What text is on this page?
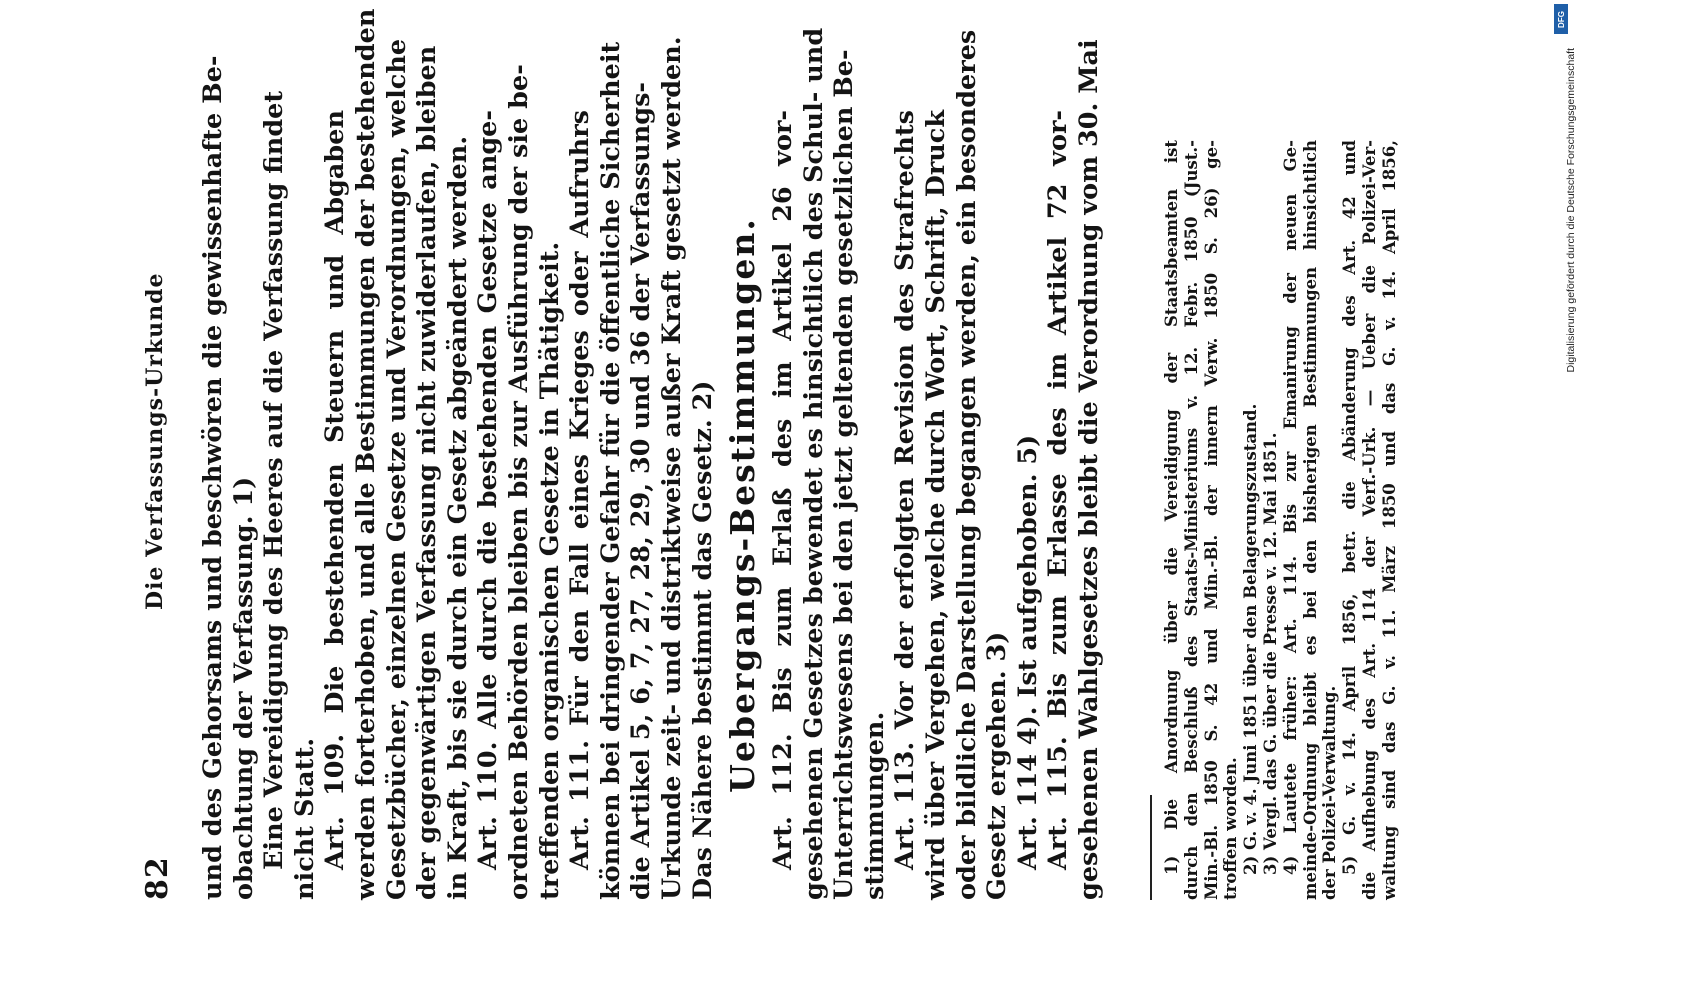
82
Die Verfassungs-Urkunde und des Gehorsams und beschwören die gewissenhafte Be- obachtung der Verfassung. 1) Eine Vereidigung des Heeres auf die Verfassung findet nicht Statt. Art. 109. Die bestehenden Steuern und Abgaben werden forterhoben, und alle Bestimmungen der bestehenden Gesetzbücher, einzelnen Gesetze und Verordnungen, welche der gegenwärtigen Verfassung nicht zuwiderlaufen, bleiben in Kraft, bis sie durch ein Gesetz abgeändert werden. Art. 110. Alle durch die bestehenden Gesetze ange- ordneten Behörden bleiben bis zur Ausführung der sie be- treffenden organischen Gesetze in Thätigkeit. Art. 111. Für den Fall eines Krieges oder Aufruhrs können bei dringender Gefahr für die öffentliche Sicherheit die Artikel 5, 6, 7, 27, 28, 29, 30 und 36 der Verfassungs- Urkunde zeit- und distriktweise außer Kraft gesetzt werden. Das Nähere bestimmt das Gesetz. 2) Uebergangs-Bestimmungen. Art. 112. Bis zum Erlaß des im Artikel 26 vor- gesehenen Gesetzes bewendet es hinsichtlich des Schul- und Unterrichtswesens bei den jetzt geltenden gesetzlichen Be- stimmungen. Art. 113. Vor der erfolgten Revision des Strafrechts wird über Vergehen, welche durch Wort, Schrift, Druck oder bildliche Darstellung begangen werden, ein besonderes Gesetz ergehen. 3) Art. 114 4). Ist aufgehoben. 5) Art. 115. Bis zum Erlasse des im Artikel 72 vor- gesehenen Wahlgesetzes bleibt die Verordnung vom 30. Mai	1) Die Anordnung über die Vereidigung der Staatsbeamten ist durch den Beschluß des Staats-Ministeriums v. 12. Febr. 1850 (Just.- Min.-Bl. 1850 S. 42 und Min.-Bl. der innern Verw. 1850 S. 26) ge- troffen worden. 2) G. v. 4. Juni 1851 über den Belagerungszustand. 3) Vergl. das G. über die Presse v. 12. Mai 1851. 4) Lautete früher: Art. 114. Bis zur Emanirung der neuen Ge- meinde-Ordnung bleibt es bei den bisherigen Bestimmungen hinsichtlich der Polizei-Verwaltung. 5) G. v. 14. April 1856, betr. die Abänderung des Art. 42 und die Aufhebung des Art. 114 der Verf.-Urk. — Ueber die Polizei-Ver- waltung sind das G. v. 11. März 1850 und das G. v. 14. April 1856,	Digitalisierung gefördert durch die Deutsche Forschungsgemeinschaft
DFG
